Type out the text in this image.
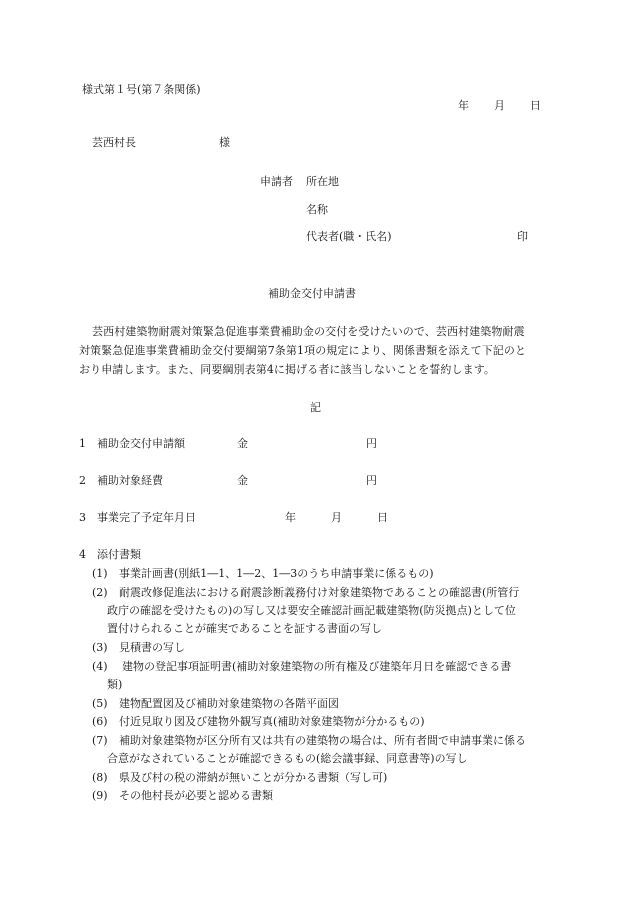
様式第１号(第７条関係)
年 月 日
芸西村長	様
申請者 所在地
名称
代表者(職・氏名)	印
補助金交付申請書
芸西村建築物耐震対策緊急促進事業費補助金の交付を受けたいので、芸西村建築物耐震
対策緊急促進事業費補助金交付要綱第7条第1項の規定により、関係書類を添えて下記のと
おり申請します。また、同要綱別表第4に掲げる者に該当しないことを誓約します。
記
1 補助金交付申請額	金	円
2 補助対象経費	金	円
3 事業完了予定年月日	年	月	日
4 添付書類
(1) 事業計画書(別紙1―1、1―2、1―3のうち申請事業に係るもの)
(2) 耐震改修促進法における耐震診断義務付け対象建築物であることの確認書(所管行
政庁の確認を受けたもの)の写し又は要安全確認計画記載建築物(防災拠点)として位
置付けられることが確実であることを証する書面の写し
(3) 見積書の写し
(4) 建物の登記事項証明書(補助対象建築物の所有権及び建築年月日を確認できる書
類)
(5) 建物配置図及び補助対象建築物の各階平面図
(6) 付近見取り図及び建物外観写真(補助対象建築物が分かるもの)
(7) 補助対象建築物が区分所有又は共有の建築物の場合は、所有者間で申請事業に係る
合意がなされていることが確認できるもの(総会議事録、同意書等)の写し
(8) 県及び村の税の滞納が無いことが分かる書類（写し可)
(9) その他村長が必要と認める書類
